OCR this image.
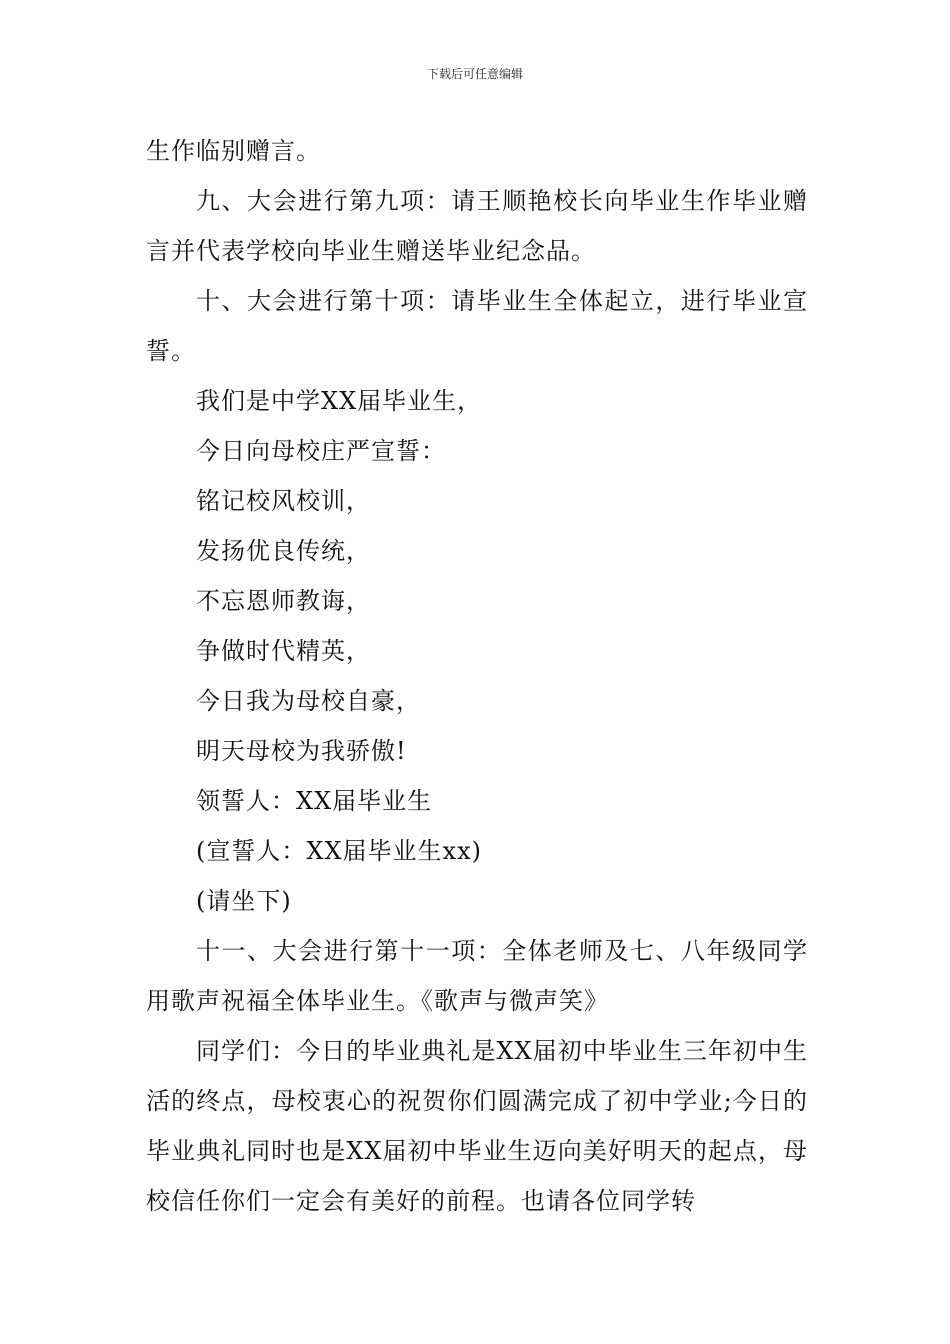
下载后可任意编辑

生作临别赠言。

九、大会进行第九项：请王顺艳校长向毕业生作毕业赠言并代表学校向毕业生赠送毕业纪念品。

十、大会进行第十项：请毕业生全体起立，进行毕业宣誓。

我们是中学XX届毕业生，

今日向母校庄严宣誓：

铭记校风校训，

发扬优良传统，

不忘恩师教诲，

争做时代精英，

今日我为母校自豪，

明天母校为我骄傲!

领誓人：XX届毕业生

(宣誓人：XX届毕业生xx)

(请坐下)

十一、大会进行第十一项：全体老师及七、八年级同学用歌声祝福全体毕业生。《歌声与微声笑》

同学们：今日的毕业典礼是XX届初中毕业生三年初中生活的终点，母校衷心的祝贺你们圆满完成了初中学业;今日的毕业典礼同时也是XX届初中毕业生迈向美好明天的起点，母校信任你们一定会有美好的前程。也请各位同学转
